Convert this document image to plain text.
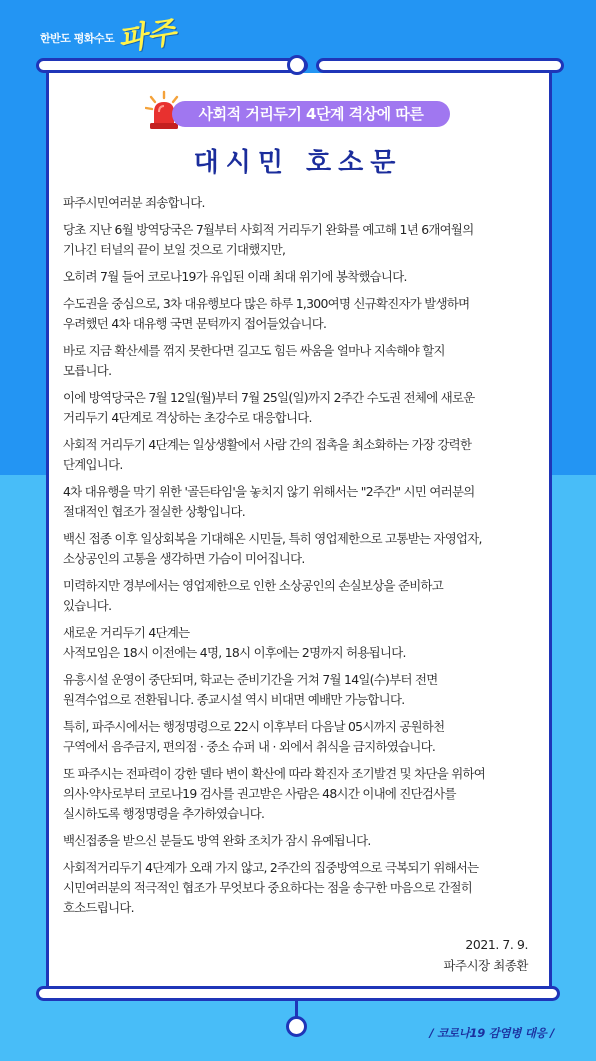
한반도 평화수도 파주
사회적 거리두기 4단계 격상에 따른
대시민 호소문

파주시민여러분 죄송합니다.

당초 지난 6월 방역당국은 7월부터 사회적 거리두기 완화를 예고해 1년 6개여월의
기나긴 터널의 끝이 보일 것으로 기대했지만,

오히려 7월 들어 코로나19가 유입된 이래 최대 위기에 봉착했습니다.

수도권을 중심으로, 3차 대유행보다 많은 하루 1,300여명 신규확진자가 발생하며
우려했던 4차 대유행 국면 문턱까지 접어들었습니다.

바로 지금 확산세를 꺾지 못한다면 길고도 힘든 싸움을 얼마나 지속해야 할지
모릅니다.

이에 방역당국은 7월 12일(월)부터 7월 25일(일)까지 2주간 수도권 전체에 새로운
거리두기 4단계로 격상하는 초강수로 대응합니다.

사회적 거리두기 4단계는 일상생활에서 사람 간의 접촉을 최소화하는 가장 강력한
단계입니다.

4차 대유행을 막기 위한 '골든타임'을 놓치지 않기 위해서는 "2주간" 시민 여러분의
절대적인 협조가 절실한 상황입니다.

백신 접종 이후 일상회복을 기대해온 시민들, 특히 영업제한으로 고통받는 자영업자,
소상공인의 고통을 생각하면 가슴이 미어집니다.

미력하지만 경부에서는 영업제한으로 인한 소상공인의 손실보상을 준비하고
있습니다.

새로운 거리두기 4단계는
사적모임은 18시 이전에는 4명, 18시 이후에는 2명까지 허용됩니다.

유흥시설 운영이 중단되며, 학교는 준비기간을 거쳐 7월 14일(수)부터 전면
원격수업으로 전환됩니다. 종교시설 역시 비대면 예배만 가능합니다.

특히, 파주시에서는 행정명령으로 22시 이후부터 다음날 05시까지 공원하천
구역에서 음주금지, 편의점 · 중소 슈퍼 내 · 외에서 취식을 금지하였습니다.

또 파주시는 전파력이 강한 델타 변이 확산에 따라 확진자 조기발견 및 차단을 위하여
의사·약사로부터 코로나19 검사를 권고받은 사람은 48시간 이내에 진단검사를
실시하도록 행정명령을 추가하였습니다.

백신접종을 받으신 분들도 방역 완화 조치가 잠시 유예됩니다.

사회적거리두기 4단계가 오래 가지 않고, 2주간의 집중방역으로 극복되기 위해서는
시민여러분의 적극적인 협조가 무엇보다 중요하다는 점을 송구한 마음으로 간절히
호소드립니다.

2021. 7. 9.
파주시장 최종환
/ 코로나19 감염병 대응 /
